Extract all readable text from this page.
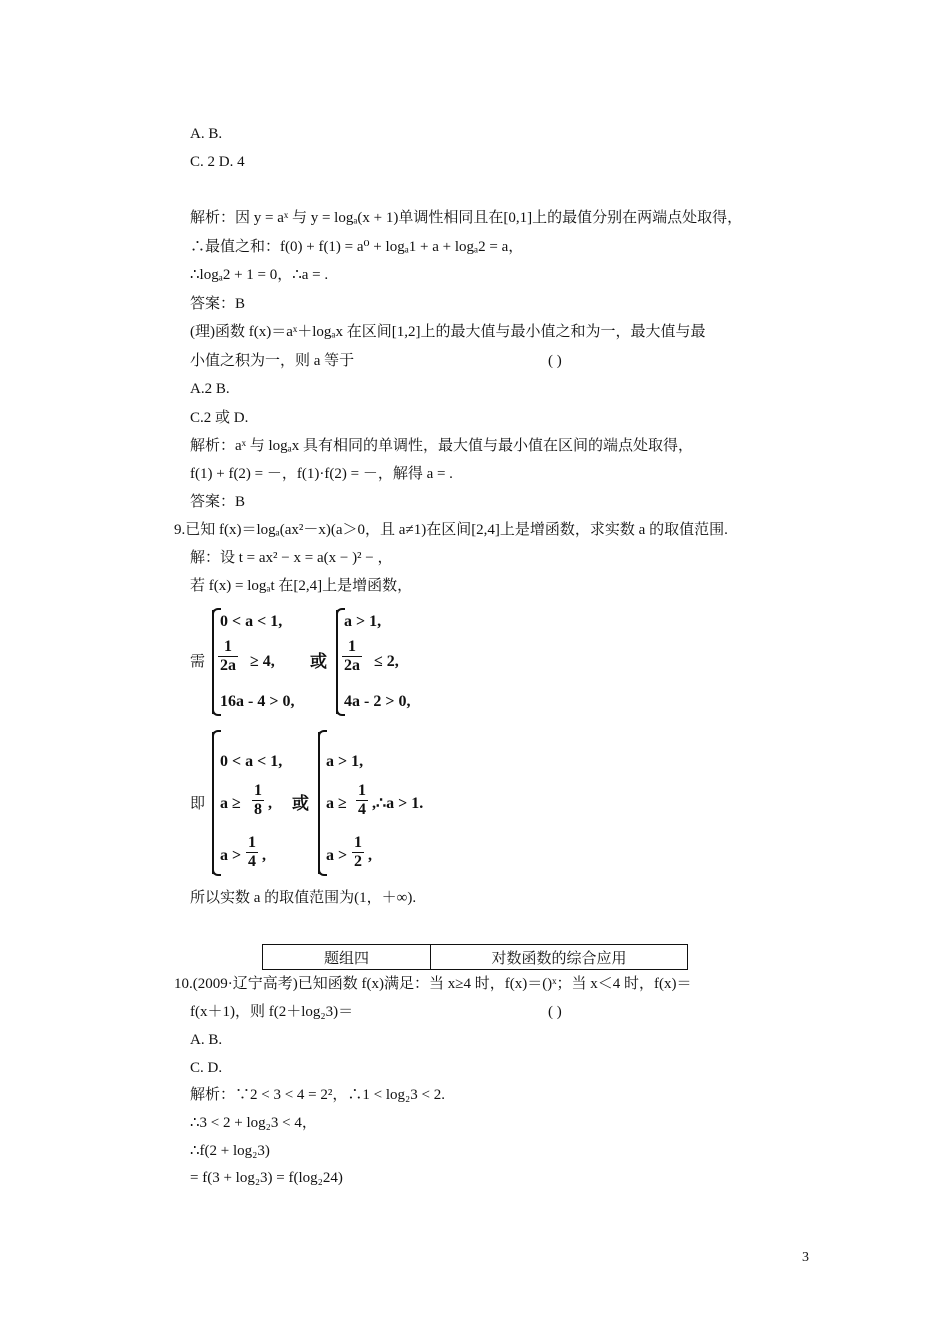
A. B.
C. 2 D. 4
解析：因 y = aˣ 与 y = logₐ(x + 1)单调性相同且在[0,1]上的最值分别在两端点处取得，
∴最值之和：f(0) + f(1) = a⁰ + logₐ1 + a + logₐ2 = a，
∴logₐ2 + 1 = 0，∴a = .
答案：B
(理)函数 f(x)＝aˣ＋logₐx 在区间[1,2]上的最大值与最小值之和为一，最大值与最
小值之积为一，则 a 等于	( )
A.2 B.
C.2 或 D.
解析：aˣ 与 logₐx 具有相同的单调性，最大值与最小值在区间的端点处取得，
f(1) + f(2) = －，f(1)·f(2) = －，解得 a = .
答案：B
9.已知 f(x)＝logₐ(ax²－x)(a＞0，且 a≠1)在区间[2,4]上是增函数，求实数 a 的取值范围.
解：设 t = ax² − x = a(x − )² − ，
若 f(x) = logₐt 在[2,4]上是增函数，
需
0 < a < 1,
$\frac{1}{2a} \ge 4$,
16a - 4 > 0,
或
a > 1,
$\frac{1}{2a} \le 2$,
4a - 2 > 0,
即
0 < a < 1,
$a \ge \frac{1}{8}$ ,
$a > \frac{1}{4}$ ,
或
a > 1,
$a \ge \frac{1}{4}$ ,∴a > 1.
$a > \frac{1}{2}$ ,
所以实数 a 的取值范围为(1，＋∞).
题组四	对数函数的综合应用
10.(2009·辽宁高考)已知函数 f(x)满足：当 x≥4 时，f(x)＝()ˣ；当 x＜4 时，f(x)＝
f(x＋1)，则 f(2＋log₂3)＝	( )
A. B.
C. D.
解析：∵2 < 3 < 4 = 2²，∴1 < log₂3 < 2.
∴3 < 2 + log₂3 < 4，
∴f(2 + log₂3)
= f(3 + log₂3) = f(log₂24)
3
